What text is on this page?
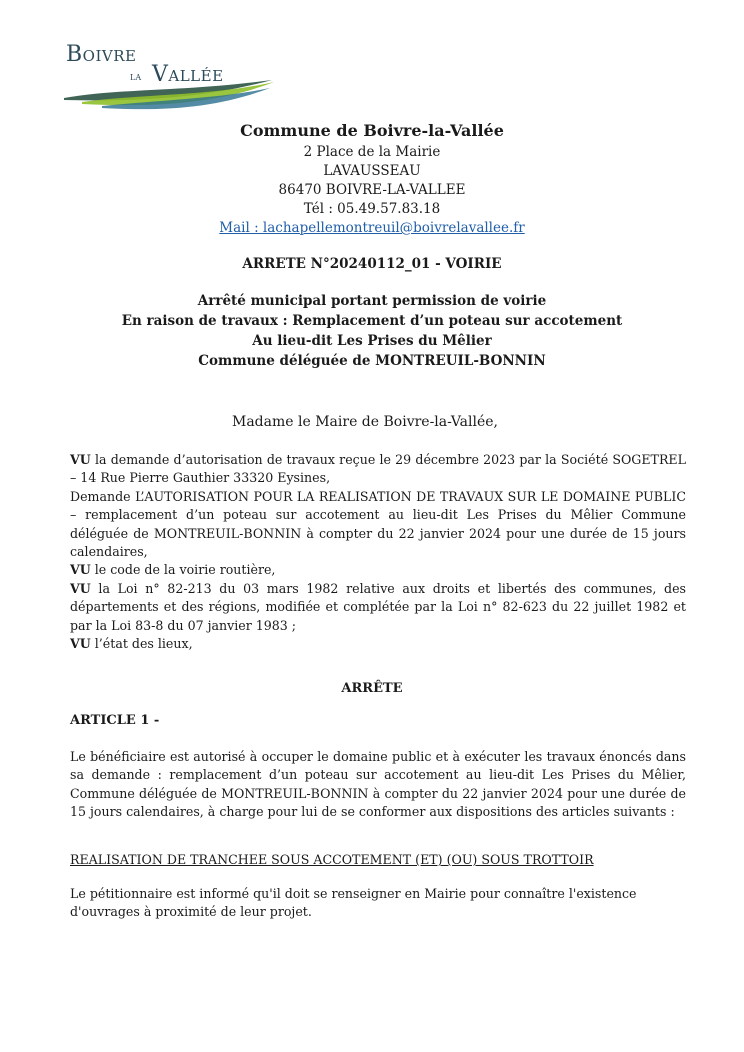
Boivre
la Vallée
Commune de Boivre-la-Vallée
2 Place de la Mairie
LAVAUSSEAU
86470 BOIVRE-LA-VALLEE
Tél : 05.49.57.83.18
Mail : lachapellemontreuil@boivrelavallee.fr
ARRETE N°20240112_01 - VOIRIE
Arrêté municipal portant permission de voirie
En raison de travaux : Remplacement d’un poteau sur accotement
Au lieu-dit Les Prises du Mêlier
Commune déléguée de MONTREUIL-BONNIN
Madame le Maire de Boivre-la-Vallée,

VU la demande d’autorisation de travaux reçue le 29 décembre 2023 par la Société SOGETREL – 14 Rue Pierre Gauthier 33320 Eysines,

Demande L’AUTORISATION POUR LA REALISATION DE TRAVAUX SUR LE DOMAINE PUBLIC – remplacement d’un poteau sur accotement au lieu-dit Les Prises du Mêlier Commune déléguée de MONTREUIL-BONNIN à compter du 22 janvier 2024 pour une durée de 15 jours calendaires,

VU le code de la voirie routière,

VU la Loi n° 82-213 du 03 mars 1982 relative aux droits et libertés des communes, des départements et des régions, modifiée et complétée par la Loi n° 82-623 du 22 juillet 1982 et par la Loi 83-8 du 07 janvier 1983 ;

VU l’état des lieux,

ARRÊTE
ARTICLE 1 -

Le bénéficiaire est autorisé à occuper le domaine public et à exécuter les travaux énoncés dans sa demande : remplacement d’un poteau sur accotement au lieu-dit Les Prises du Mêlier, Commune déléguée de MONTREUIL-BONNIN à compter du 22 janvier 2024 pour une durée de 15 jours calendaires, à charge pour lui de se conformer aux dispositions des articles suivants :

REALISATION DE TRANCHEE SOUS ACCOTEMENT (ET) (OU) SOUS TROTTOIR

Le pétitionnaire est informé qu'il doit se renseigner en Mairie pour connaître l'existence d'ouvrages à proximité de leur projet.
